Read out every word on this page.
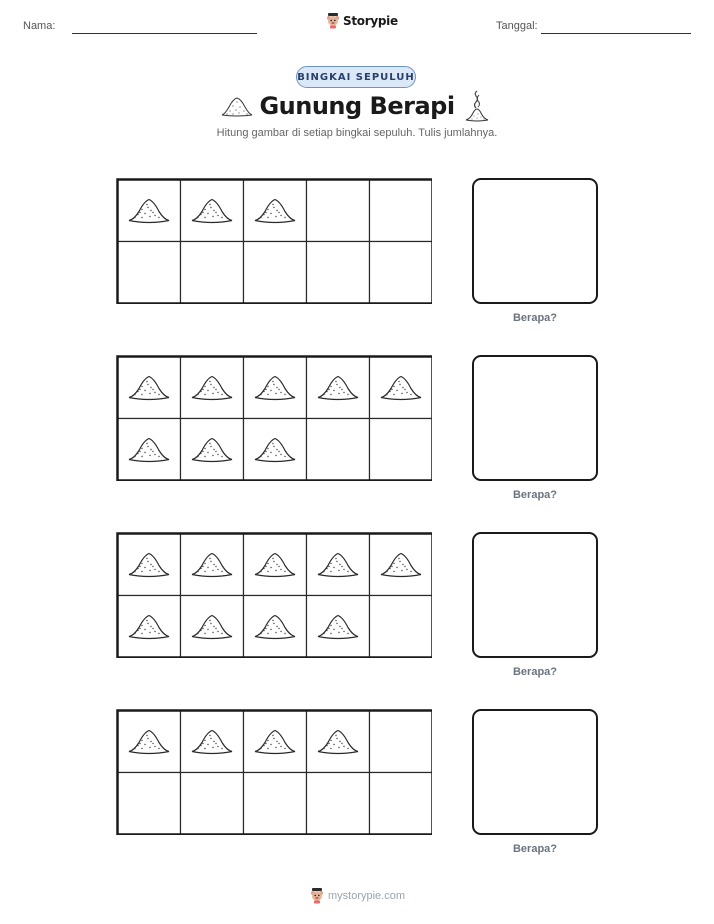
Nama:	Storypie	Tanggal:
BINGKAI SEPULUH
Gunung Berapi
Hitung gambar di setiap bingkai sepuluh. Tulis jumlahnya.
Berapa?
Berapa?
Berapa?
Berapa?
mystorypie.com
